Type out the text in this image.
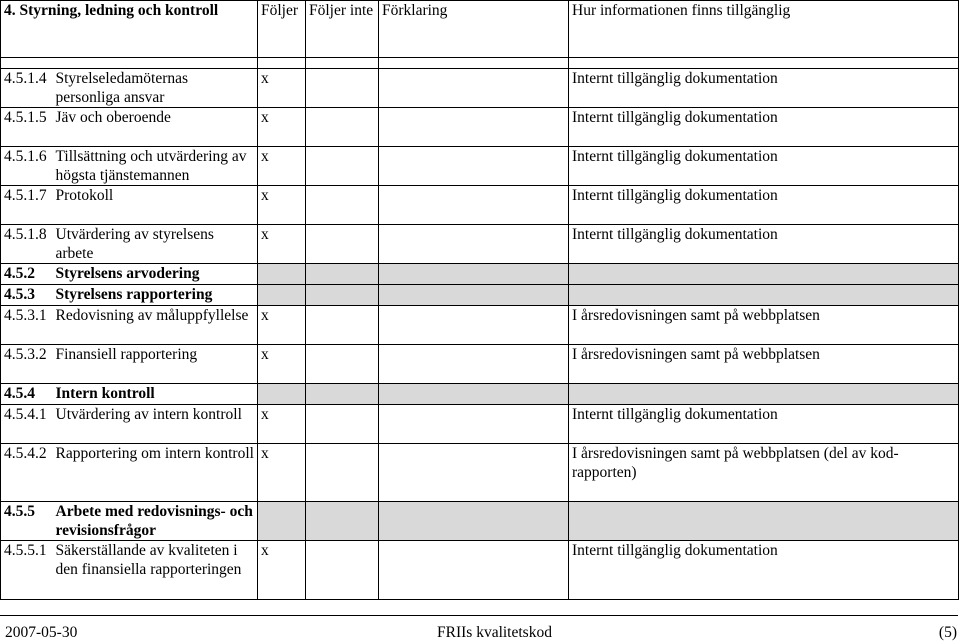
4. Styrning, ledning och kontroll		Följer	Följer inte	Förklaring	Hur informationen finns tillgänglig

4.5.1.4	Styrelseledamöternas personliga ansvar	x			Internt tillgänglig dokumentation
4.5.1.5	Jäv och oberoende	x			Internt tillgänglig dokumentation
4.5.1.6	Tillsättning och utvärdering av högsta tjänstemannen	x			Internt tillgänglig dokumentation
4.5.1.7	Protokoll	x			Internt tillgänglig dokumentation
4.5.1.8	Utvärdering av styrelsens arbete	x			Internt tillgänglig dokumentation
4.5.2	Styrelsens arvodering				
4.5.3	Styrelsens rapportering				
4.5.3.1	Redovisning av måluppfyllelse	x			I årsredovisningen samt på webbplatsen
4.5.3.2	Finansiell rapportering	x			I årsredovisningen samt på webbplatsen
4.5.4	Intern kontroll				
4.5.4.1	Utvärdering av intern kontroll	x			Internt tillgänglig dokumentation
4.5.4.2	Rapportering om intern kontroll	x			I årsredovisningen samt på webbplatsen (del av kod-rapporten)
4.5.5	Arbete med redovisnings- och revisionsfrågor				
4.5.5.1	Säkerställande av kvaliteten i den finansiella rapporteringen	x			Internt tillgänglig dokumentation
2007-05-30	FRIIs kvalitetskod	(5)
